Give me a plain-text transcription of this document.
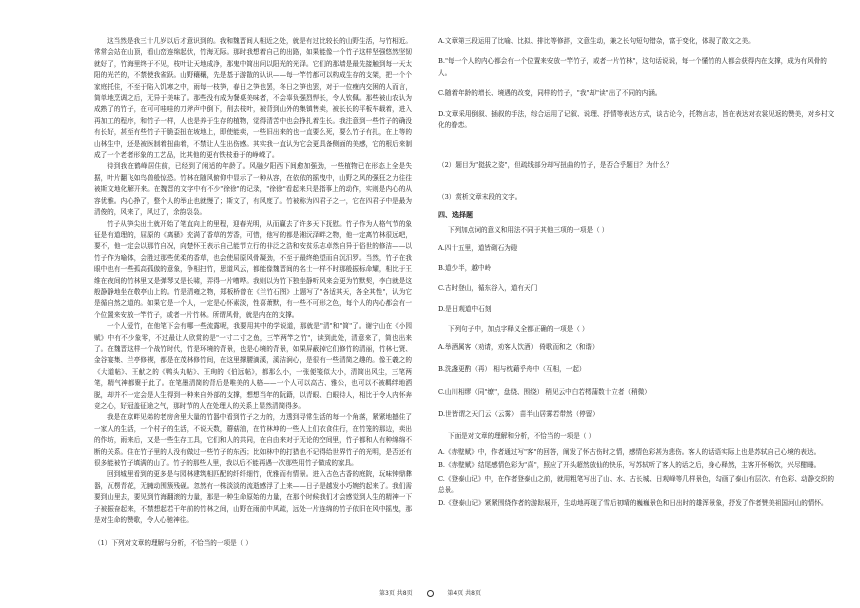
这当然是我三十几岁以后才意识到的。我和魏晋间人相近之处，就是有过比较长的山野生活，与竹相近。常常会站在山顶，看山峦连绵起伏，竹海无际。那时我想着自己的出路，如果能像一个竹子这样坚强悠然坚韧就好了，竹海里终于不见，枝叶让天地成净，那鬼中简出问以阳光的光泽。它们的那墙是最先接触到每一天太阳的光芒的，不禁使我雀跃。山野穰穰，先是基于游散的认识——每一竿竹都可以构成生存的支架，把一个个家庭托住，不至于陷入饥寒之中，雨每一枝笋，春日之笋也罢，冬日之笋也罢，对于一位瘦内交困的人而言，简单地烹调之后，无异于美味了。那些没有成为餐桌美味者，不会辜负强烈悍长，令人钦佩。那些被山农认为成熟了的竹子，在可可哇哇的刀斧声中倒下，削去枝叶，被背到山外的集镇售卖，被长长的平板车载着，进入再加工的程序，和竹子一样，人也是养于生存的植物，觉得清苦中也会挣扎着生长。我注意到一些竹子的确没有长好，甚至有些竹子干脆歪扭在坡地上，即使能卖，一些旧出来的也一直要么死，要么竹子有扎，在上等的山林生中，还是被医制着扭曲着，不禁让人生出伤感。其实我一直认为它会更具备侧面的美感，它的根后来制成了一个老者形象的工艺品，比其他的更有铁枝垂于的峥嵘了。

待到我在鹤峰居住前，已经到了闲适的年龄了。风融夕阳西下间愈加强劲，一些植物已在形态上全是失据，叶片翻飞如鸟兽般惊恐。竹林在随风俯仰中显示了一种从容，在依依的摇曳中，山野之风的强狂之力往往被斯文地化解开来。在魏晋的文字中有不少"徐徐"的记录，"徐徐"看起来只是指事上的动作，实则是内心的从容优雅。内心挣了，整个人的举止也就慢了；斯文了，有风度了。竹被称为四君子之一，它在四君子中是最为清俊的，风来了，风过了，余韵袅袅。

竹子从笋尖出土就开始了笔直向上的里程，迎春光明，从而赢去了许多天下抚慰。竹子作为人格气节的象征是有道理的，屈原的《离骚》充满了香草的芳香，可惜，他写的都是湘沅泽畔之物，他一定离竹林很远吧，要不，他一定会以那竹自况，向楚怀王表示自己能节立行的非泛之浩和安贫乐志卓然自异于俗世的修洁——以竹子作为喻体，会胜过那些优柔的香草，也会使屈原风骨凝劲，不至于最终绝望而自沉汨罗。当然，竹子在我眼中也有一些孤高孤傲的意象，争相扫竹，思道风云，都能像魏晋间的名士一样不时那般振标命耀，相比于王维在夜间的竹林里又是弹琴又是长啸，弄得一片嘈哗。我则以为竹下独坐静听风来会更为竹默契，李白就是这般静静地坐在敬亭山上的。竹是清雍之物，郑板桥曾在《兰竹石图》上题写了"各适其天，各全其性"，认为它是循自然之道的。如果它是一个人，一定是心怀素淡，性喜萧默，有一些不可形之色，每个人的内心都会有一个位置来安放一竿竹子，或者一片竹林。所谓风骨，就是内在的支撑。

一个人爱竹，在他笔下会有哪一些流露呢，我要用其中的学说道，那就是"清"和"简"了。谢宁山在《小园赋》中有不少象零，不过最让人欣赏的是"一寸二寸之鱼，三竿两竿之竹"，读到此处，清意来了，简也出来了。在魏晋这样一个战竹时代，竹是环境的背景，也是心境的背景，如果屏蔽掉它们修竹的清丽，竹林七贤、金谷宴集、兰亭修禊，都是在茂林修竹间，在这里撑腰滴溪，溪洁涧心，是很有一些清简之趣的。像王羲之的《大道帖》、王献之的《鸭头丸帖》、王珣的《伯远帖》，都那么小，一张便笺似大小，清简出风尘，三笔两笔，精气神都聚于此了。在笔墨清简的背后是唯美的人格——一个人可以高古、雅公，也可以不被羁绊地洒脱，却并不一定会是人生得到一种来自外部的支撑，想想当年的阮籍，以青眼、白眼待人，相比于令人内怀奔竞之心，好冠盖征途之气，那时节的人在处理人的关系上显然清简得多。

我是在京畔见弟的老房舍里大量的竹器中看到竹子之力的，力透到寻常生活的每一个角落，紧紧地撼住了一家人的生活，一个村子的生活，不说天数，蘑菇油，在竹林坤的一些人上们衣食住行，在竹笼的那边，卖出的作坊，雨来后，又是一些生存工具，它们和人的共同，在自由来对于无论的空间里，竹子都和人有种绵绵不断的关系。住在竹子里的人没有做过一些竹子的东西；比如林中的打猎也不记得给世界竹子的光明，是否还有很多能被竹子填满的山了。竹子的那些人里，我以后不能再遇一次那些用竹子做成的家具。

回到城里看到的更多是与园林建筑相匹配的纤纤细竹，优雅而有情景。进入古色古香的庭院，玩味钟鼎彝器，瓦楞青花，无臃动围簇残砚。忽然有一株淡淡的流逝感浮了上来——日子是越发小巧婉约起来了。我们需要到山里去，要见到竹海翻滚的力量，那是一种生命原始的力量，在那个时候我们才会感觉到人生的精神一下子被振奋起来，不禁想起若干年前的竹林之间，山野在雨前中风疏，远处一片连绵的竹子依旧在风中摇曳，那是对生命的赞歌，令人心驰神往。

（1）下列对文章的理解与分析，不恰当的一项是（ ）

A.文章第三段运用了比喻、比拟、排比等修辞，文意生动，兼之长句短句错杂，富于变化，体现了散文之美。

B."每一个人的内心都会有一个位置来安放一竿竹子，或者一片竹林"，这句话说说，每一个懂竹的人都会获得内在支撑，成为有风骨的人。

C.随着年龄的增长、境遇的改变，同样的竹子，"我"却"读"出了不同的内涵。

D.文章采用倒叙、插叙的手法，综合运用了记叙、说理、抒情等表达方式，谈古论今，托物言志，旨在表达对衣裳见返的赞美，对乡村文化的眷恋。

（2）题目为"挺拔之姿"，但疏线部分却写扭曲的竹子，是否合乎题目？为什么？

（3）赏析文章末段的文字。

四、选择题

下列加点词的意义和用法不同于其他三项的一项是（ ）

A.四十五里，道皆砌石为磴

B.道少半，越中岭

C.古时登山，循东谷入，道有天门

D.是日观道中石刻

下列句子中，加点字释义全都正确的一项是（ ）

A.举酒属客（劝请，劝客人饮酒） 倚歌而和之（和谐）

B.洗盏更酌（再） 相与枕藉乎舟中（互相，一起）

C.山川相缪（同"缭"，盘绕、围绕） 稍见云中白若樗蒲数十立者（稍微）

D.世皆谓之天门云（云雾） 苗半山居雾若带然（停留）

下面是对文章的理解和分析，不恰当的一项是（ ）

A.《赤壁赋》中，作者通过写"客"的回答，阐发了怀古伤时之情，感情色彩甚为悲伤。客人的话语实际上也是苏轼自己心境的表达。

B.《赤壁赋》结尾感情色彩为"喜"，照应了开头超然放仙的快乐，写苏轼听了客人的话之后，身心释然，主客开怀畅饮，兴尽酣睡。

C.《登泰山记》中，在作者登泰山之前，就用粗笔写出了山、水、古长城、日观峰等几样景色，勾画了泰山有层次、有色彩、动静交织的总景。

D.《登泰山记》紧紧围绕作者的游踪展开，生动地再现了雪后初晴的巍巍景色和日出时的雄浑景象，抒发了作者赞美祖国河山的情怀。

第3页 共8页	第4页 共8页
